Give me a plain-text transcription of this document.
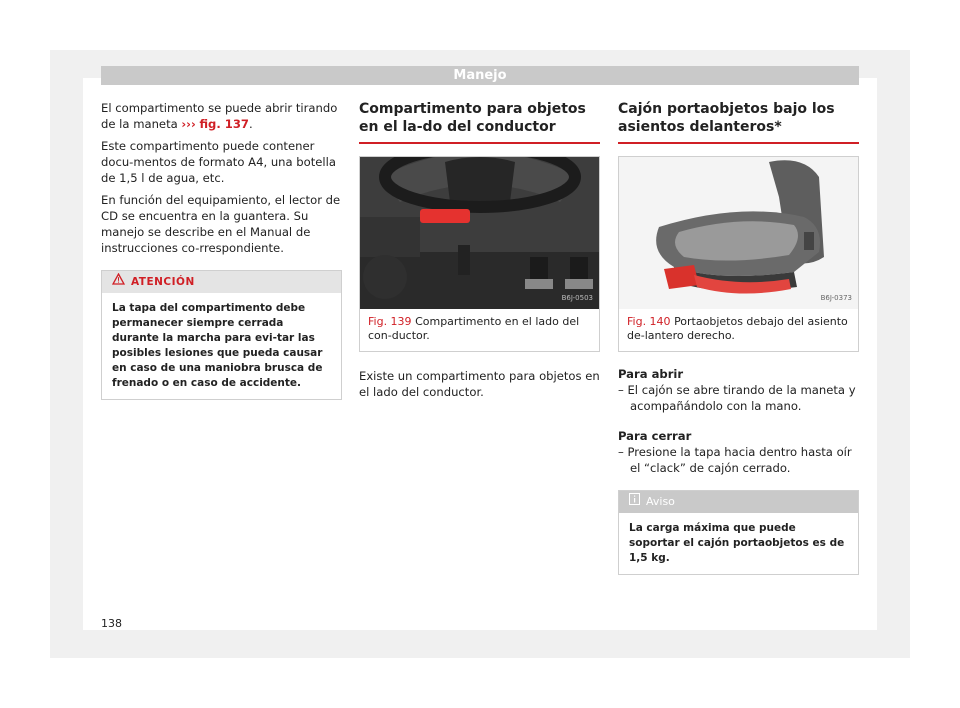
Manejo

El compartimento se puede abrir tirando de la maneta ››› fig. 137.

Este compartimento puede contener docu-mentos de formato A4, una botella de 1,5 l de agua, etc.

En función del equipamiento, el lector de CD se encuentra en la guantera. Su manejo se describe en el Manual de instrucciones co-rrespondiente.

ATENCIÓN
La tapa del compartimento debe permanecer siempre cerrada durante la marcha para evi-tar las posibles lesiones que pueda causar en caso de una maniobra brusca de frenado o en caso de accidente.
Compartimento para objetos en el la-do del conductor
B6J-0503
Fig. 139 Compartimento en el lado del con-ductor.

Existe un compartimento para objetos en el lado del conductor.

Cajón portaobjetos bajo los asientos delanteros*
B6J-0373
Fig. 140 Portaobjetos debajo del asiento de-lantero derecho.
Para abrir
– El cajón se abre tirando de la maneta y acompañándolo con la mano.
Para cerrar
– Presione la tapa hacia dentro hasta oír el “clack” de cajón cerrado.
Aviso
La carga máxima que puede soportar el cajón portaobjetos es de 1,5 kg.
138
